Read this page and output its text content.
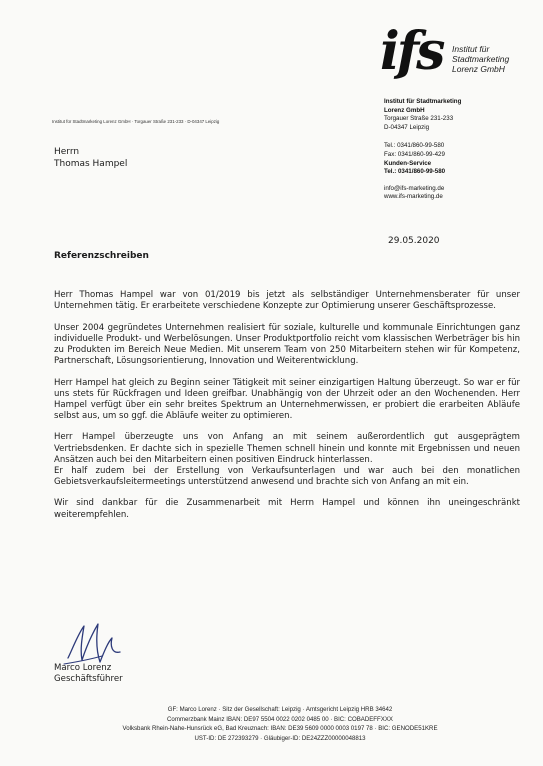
ifs Institut für
Stadtmarketing
Lorenz GmbH
Institut für Stadtmarketing Lorenz GmbH · Torgauer Straße 231-233 · D-04347 Leipzig
Institut für Stadtmarketing
Lorenz GmbH
Torgauer Straße 231-233
D-04347 Leipzig
Tel.: 0341/860-99-580
Fax: 0341/860-99-429
Kunden-Service
Tel.: 0341/860-99-580
info@ifs-marketing.de
www.ifs-marketing.de
Herrn
Thomas Hampel
29.05.2020
Referenzschreiben

Herr Thomas Hampel war von 01/2019 bis jetzt als selbständiger Unternehmensberater für unser Unternehmen tätig. Er erarbeitete verschiedene Konzepte zur Optimierung unserer Geschäftsprozesse.

Unser 2004 gegründetes Unternehmen realisiert für soziale, kulturelle und kommunale Einrichtungen ganz individuelle Produkt- und Werbelösungen. Unser Produktportfolio reicht vom klassischen Werbeträger bis hin zu Produkten im Bereich Neue Medien. Mit unserem Team von 250 Mitarbeitern stehen wir für Kompetenz, Partnerschaft, Lösungsorientierung, Innovation und Weiterentwicklung.

Herr Hampel hat gleich zu Beginn seiner Tätigkeit mit seiner einzigartigen Haltung überzeugt. So war er für uns stets für Rückfragen und Ideen greifbar. Unabhängig von der Uhrzeit oder an den Wochenenden. Herr Hampel verfügt über ein sehr breites Spektrum an Unternehmerwissen, er probiert die erarbeiten Abläufe selbst aus, um so ggf. die Abläufe weiter zu optimieren.

Herr Hampel überzeugte uns von Anfang an mit seinem außerordentlich gut ausgeprägtem Vertriebsdenken. Er dachte sich in spezielle Themen schnell hinein und konnte mit Ergebnissen und neuen Ansätzen auch bei den Mitarbeitern einen positiven Eindruck hinterlassen.

Er half zudem bei der Erstellung von Verkaufsunterlagen und war auch bei den monatlichen Gebietsverkaufsleitermeetings unterstützend anwesend und brachte sich von Anfang an mit ein.

Wir sind dankbar für die Zusammenarbeit mit Herrn Hampel und können ihn uneingeschränkt weiterempfehlen.

Marco Lorenz
Geschäftsführer
GF: Marco Lorenz · Sitz der Gesellschaft: Leipzig · Amtsgericht Leipzig HRB 34642
Commerzbank Mainz IBAN: DE97 5504 0022 0202 0485 00 · BIC: COBADEFFXXX
Volksbank Rhein-Nahe-Hunsrück eG, Bad Kreuznach: IBAN: DE39 5609 0000 0003 0197 78 · BIC: GENODE51KRE
UST-ID: DE 272393279 · Gläubiger-ID: DE24ZZZ00000048813
